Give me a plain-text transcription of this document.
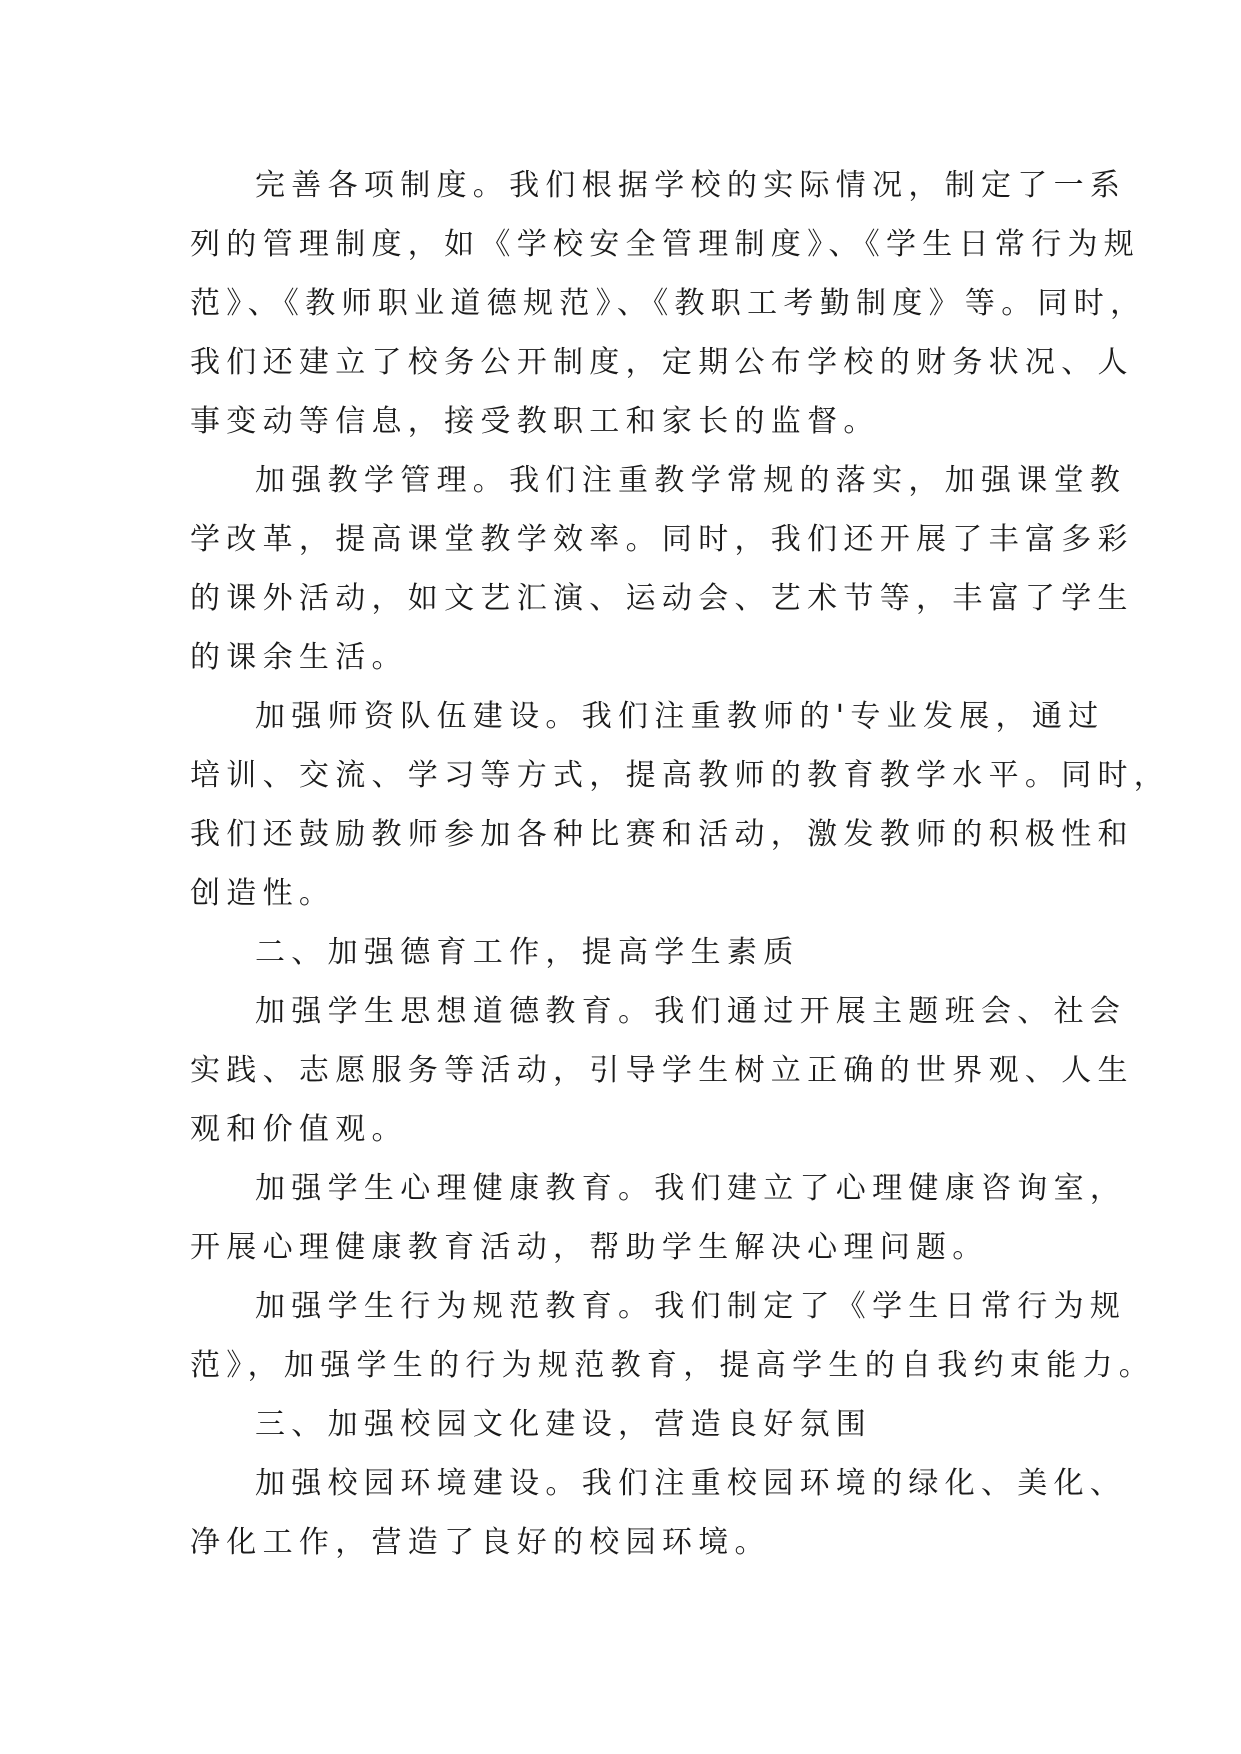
完善各项制度。我们根据学校的实际情况，制定了一系

列的管理制度，如《学校安全管理制度》、《学生日常行为规

范》、《教师职业道德规范》、《教职工考勤制度》等。同时，

我们还建立了校务公开制度，定期公布学校的财务状况、人

事变动等信息，接受教职工和家长的监督。

加强教学管理。我们注重教学常规的落实，加强课堂教

学改革，提高课堂教学效率。同时，我们还开展了丰富多彩

的课外活动，如文艺汇演、运动会、艺术节等，丰富了学生

的课余生活。

加强师资队伍建设。我们注重教师的'专业发展，通过

培训、交流、学习等方式，提高教师的教育教学水平。同时，

我们还鼓励教师参加各种比赛和活动，激发教师的积极性和

创造性。

二、加强德育工作，提高学生素质

加强学生思想道德教育。我们通过开展主题班会、社会

实践、志愿服务等活动，引导学生树立正确的世界观、人生

观和价值观。

加强学生心理健康教育。我们建立了心理健康咨询室，

开展心理健康教育活动，帮助学生解决心理问题。

加强学生行为规范教育。我们制定了《学生日常行为规

范》，加强学生的行为规范教育，提高学生的自我约束能力。

三、加强校园文化建设，营造良好氛围

加强校园环境建设。我们注重校园环境的绿化、美化、

净化工作，营造了良好的校园环境。
